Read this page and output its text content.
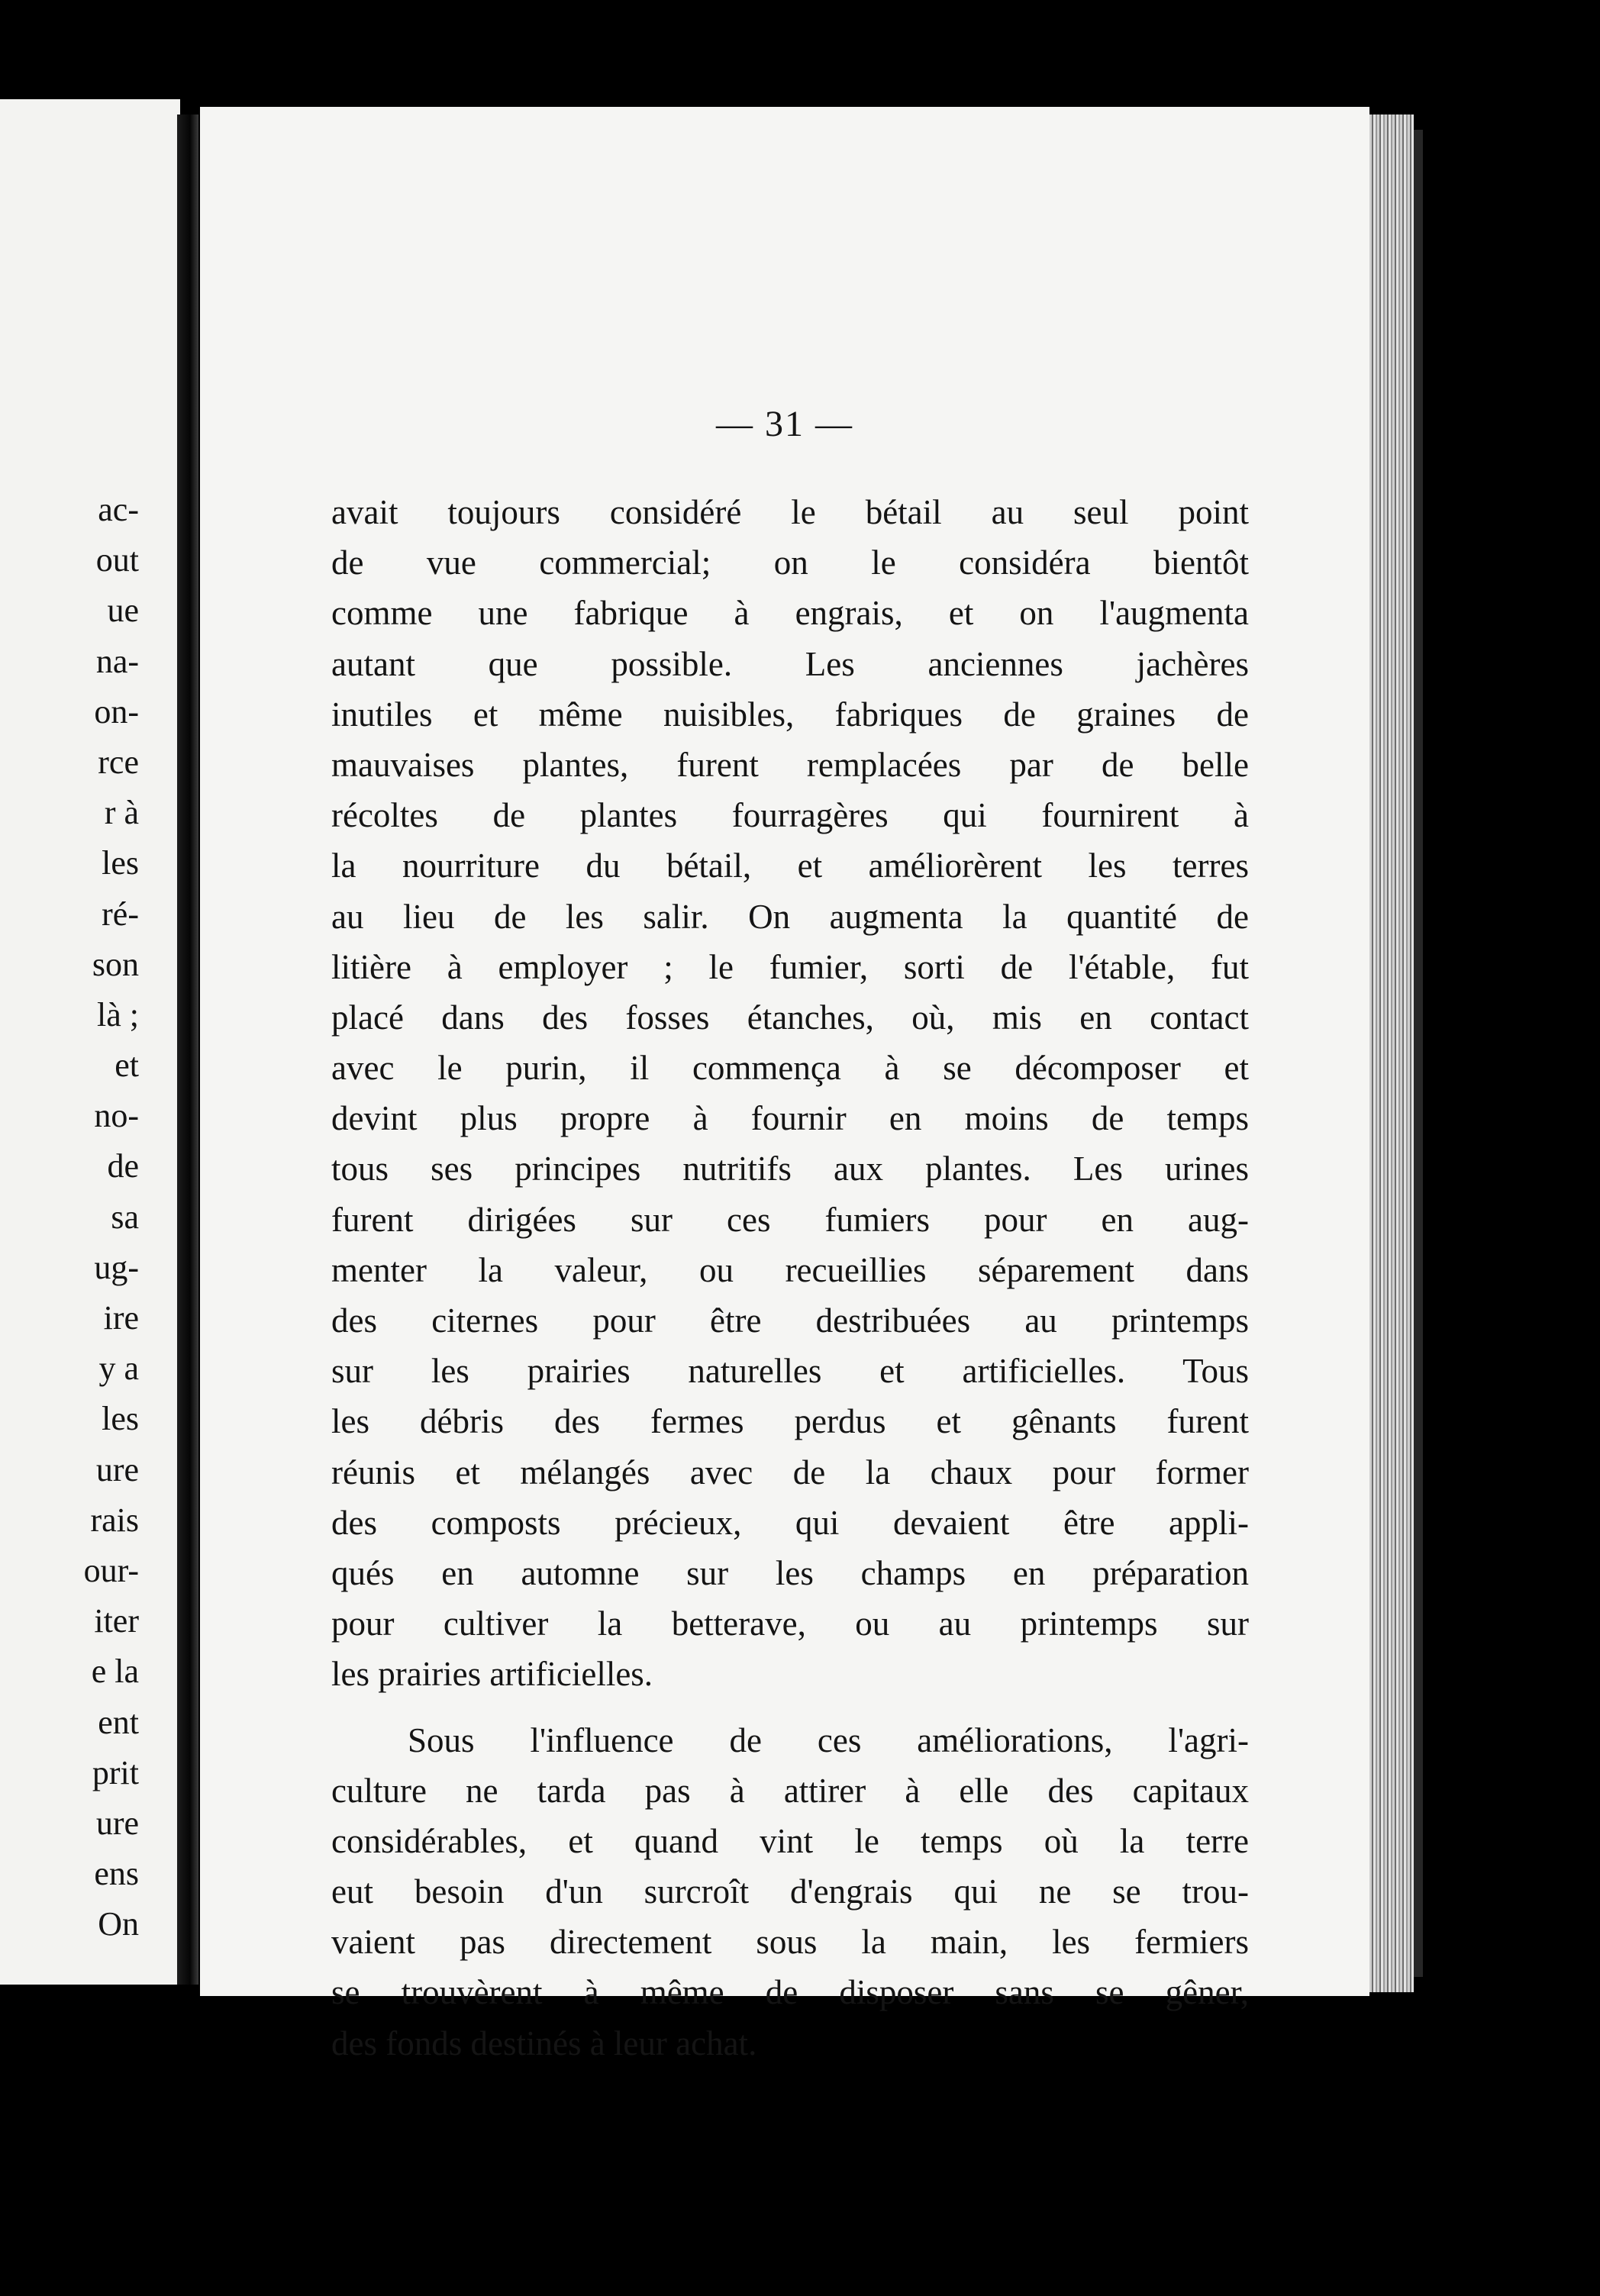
ac-
out
ue
na-
on-
rce
r à
les
ré-
son
là ;
et
no-
de
sa
ug-
ire
y a
les
ure
rais
our-
iter
e la
ent
prit
ure
ens
On
— 31 —
avait toujours considéré le bétail au seul point
de vue commercial; on le considéra bientôt
comme une fabrique à engrais, et on l'augmenta
autant que possible. Les anciennes jachères
inutiles et même nuisibles, fabriques de graines de
mauvaises plantes, furent remplacées par de belle
récoltes de plantes fourragères qui fournirent à
la nourriture du bétail, et améliorèrent les terres
au lieu de les salir. On augmenta la quantité de
litière à employer ; le fumier, sorti de l'étable, fut
placé dans des fosses étanches, où, mis en contact
avec le purin, il commença à se décomposer et
devint plus propre à fournir en moins de temps
tous ses principes nutritifs aux plantes. Les urines
furent dirigées sur ces fumiers pour en aug-
menter la valeur, ou recueillies séparement dans
des citernes pour être destribuées au printemps
sur les prairies naturelles et artificielles. Tous
les débris des fermes perdus et gênants furent
réunis et mélangés avec de la chaux pour former
des composts précieux, qui devaient être appli-
qués en automne sur les champs en préparation
pour cultiver la betterave, ou au printemps sur
les prairies artificielles.
Sous l'influence de ces améliorations, l'agri-
culture ne tarda pas à attirer à elle des capitaux
considérables, et quand vint le temps où la terre
eut besoin d'un surcroît d'engrais qui ne se trou-
vaient pas directement sous la main, les fermiers
se trouvèrent à même de disposer sans se gêner,
des fonds destinés à leur achat.
